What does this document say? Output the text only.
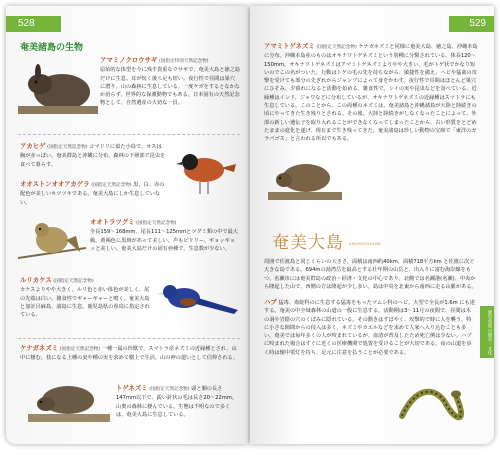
528
奄美諸島の生物
アマミノクロウサギ (国指定特別天然記念物)
原始的な体型を今に残す貴重なウサギで、奄美大島と徳之島だけに生息。耳が短く後ろ足も短い。夜行性で昼間は巣穴に潜り、山の森林に生息している。一度ケガをするとなかなか治らず、世界的な保護動物でもある。日本固有の天然記念物として、自然遺産の大切な一員。
アカヒゲ (国指定天然記念物) コマドリに似た小鳥で、オスは胸が赤っぽい。奄美群島と沖縄に分布。森林の下層部で昆虫を食べて暮らす。
オオストンオオアカゲラ (国指定天然記念物) 黒、白、赤の配色が美しいキツツキである。奄美大島にしか生息していない。
オオトラツグミ (国指定天然記念物)
全長159〜168mm、尾長111〜125mmとツグミ類の中で最大級。黄褐色に黒斑があって美しい。声もピリリー、ギョッギョッと美しい。奄美大島だけの固有亜種で、生息数が少ない。
ルリカケス (国指定天然記念物)
カケスよりやや大きく、ルリ色と赤い体色が美しく、尾の先端は白い。雑食性でギャーギャーと鳴く。奄美大島と加計呂麻島、請島に生息。鹿児島県の県鳥に指定されている。
ケナガネズミ (国指定天然記念物) 一種一属の珍獣で、スマトラ産ネズミの近縁種とされ、山中に棲む。枝になる上種の実や種の実を求めて樹上で生活。山の神の遣いとして信仰される。
トゲネズミ (国指定天然記念物) 頭と胴の長さ147mm以下で、鋭い針状の毛は長さ20〜22mm。山奥の森林に棲んでいる。生態は不明なので多くは、奄美大島に生息している。
529
アマミトゲネズミ (国指定天然記念物) ケナガネズミと同様に奄美大島、徳之島、沖縄本島に分布。沖縄本島産のものはオキナワトゲネズミという別種に分類されている。体長120〜150mm。オキナワトゲネズミはアマミトゲネズミよりやや大きい。毛がトゲ状でかなり短いのでこの名がついた。行動はトゲの毛の先を持ちながら、敏捷性を備え、ヘビや猛禽の攻撃を受けても部分の先ぎれからジャンプによって身をかわす。夜行性で昼間はほとんど巣穴にひそみ、夕暮れになると活動を始める。雑食性で、シイの実や昆虫などを食べている。近縁種はインド、ジャワなどに分布しているが、オキナワトゲネズミの近縁種はスマトラにも生息している。このことから、この両種のネズミは、奄美諸島と沖縄諸島が大陸と陸続きの頃にやってきた生き残りとされる。その後、大陸と陸続きがしなくなったことによって、外部の新しい遺伝子を取り入れることができなくなってしまったことから、古い形質をとどめたままの進化を遂げ、現在まで生き残ってきた。奄美諸島は珍しい動物の宝庫で「東洋のガラパゴス」と言われる所以でもある。
奄美大島 AMAMIOSHIMA
周囲で佐渡島と同じくらいの大きさ。面積は南西約40km、面積718平方km と佐渡に次ぐ大きな島である。694mの湯湾岳を最高とする壮年期の山岳と、出入りに富む海岸線をもつ。名瀬市には奄美群島の政治・経済・文化の中心であり、北側では名瀬港(名瀬)、中央から隆起した山で、西側の方は隆起が少し多い。島は中央を北東から南西に走る山脈がある。
ハブ 猛毒、毒蛇科のに生息する猛毒をもったマムシ科のヘビ。大型で全長が1.6m にも達する。奄美の中全域森林の山道の一般に生息する。活動期は3〜11月の夜間で、昼間は木の洞や岩陰の穴のくぼみに隠れている。その動きはすばやく、攻撃的で時に人を襲う。特に小さな隙間からの侵入は多く、ネズミやカエルなどを求めて人家へ入り込むことも多い。奄美では毎年多くの人が咬まれているが、血清が普及したため死亡例は少ない。ハブに咬まれた場合はすぐに近くの医療機関で処置を受けることが大切である。夜の山道を歩く時は懐中電灯を持ち、足元に注意を払うことが必要である。	鹿児島県の歴史・文化
